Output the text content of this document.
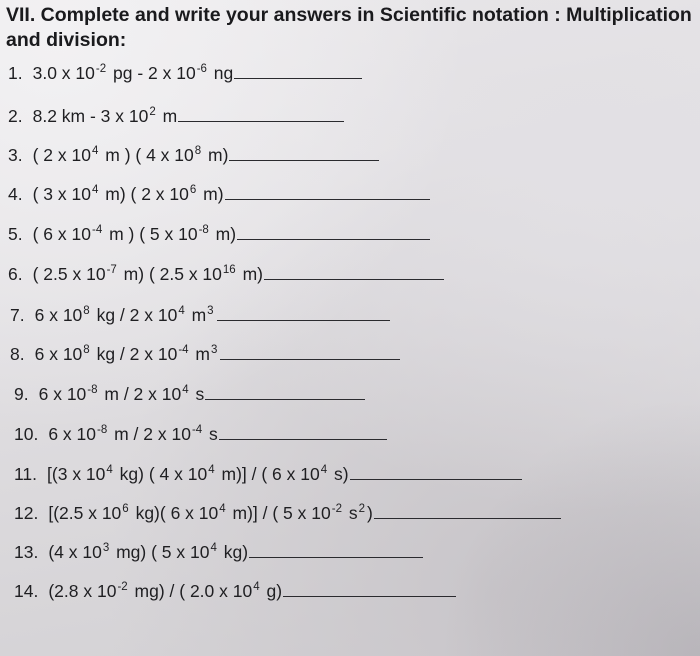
VII. Complete and write your answers in Scientific notation : Multiplication
and division:
1. 3.0 x $10^{-2}$ pg - 2 x $10^{-6}$ ng
2. 8.2 km - 3 x $10^2$ m
3. ( 2 x $10^4$ m ) ( 4 x $10^8$ m)
4. ( 3 x $10^4$ m) ( 2 x $10^6$ m)
5. ( 6 x $10^{-4}$ m ) ( 5 x $10^{-8}$ m)
6. ( 2.5 x $10^{-7}$ m) ( 2.5 x $10^{16}$ m)
7. 6 x $10^8$ kg / 2 x $10^4$ $m^3$
8. 6 x $10^8$ kg / 2 x $10^{-4}$ $m^3$
9. 6 x $10^{-8}$ m / 2 x $10^4$ s
10. 6 x $10^{-8}$ m / 2 x $10^{-4}$ s
11. [(3 x $10^4$ kg) ( 4 x $10^4$ m)] / ( 6 x $10^4$ s)
12. [(2.5 x $10^6$ kg)( 6 x $10^4$ m)] / ( 5 x $10^{-2}$ $s^2$ )
13. (4 x $10^3$ mg) ( 5 x $10^4$ kg)
14. (2.8 x $10^{-2}$ mg) / ( 2.0 x $10^4$ g)
